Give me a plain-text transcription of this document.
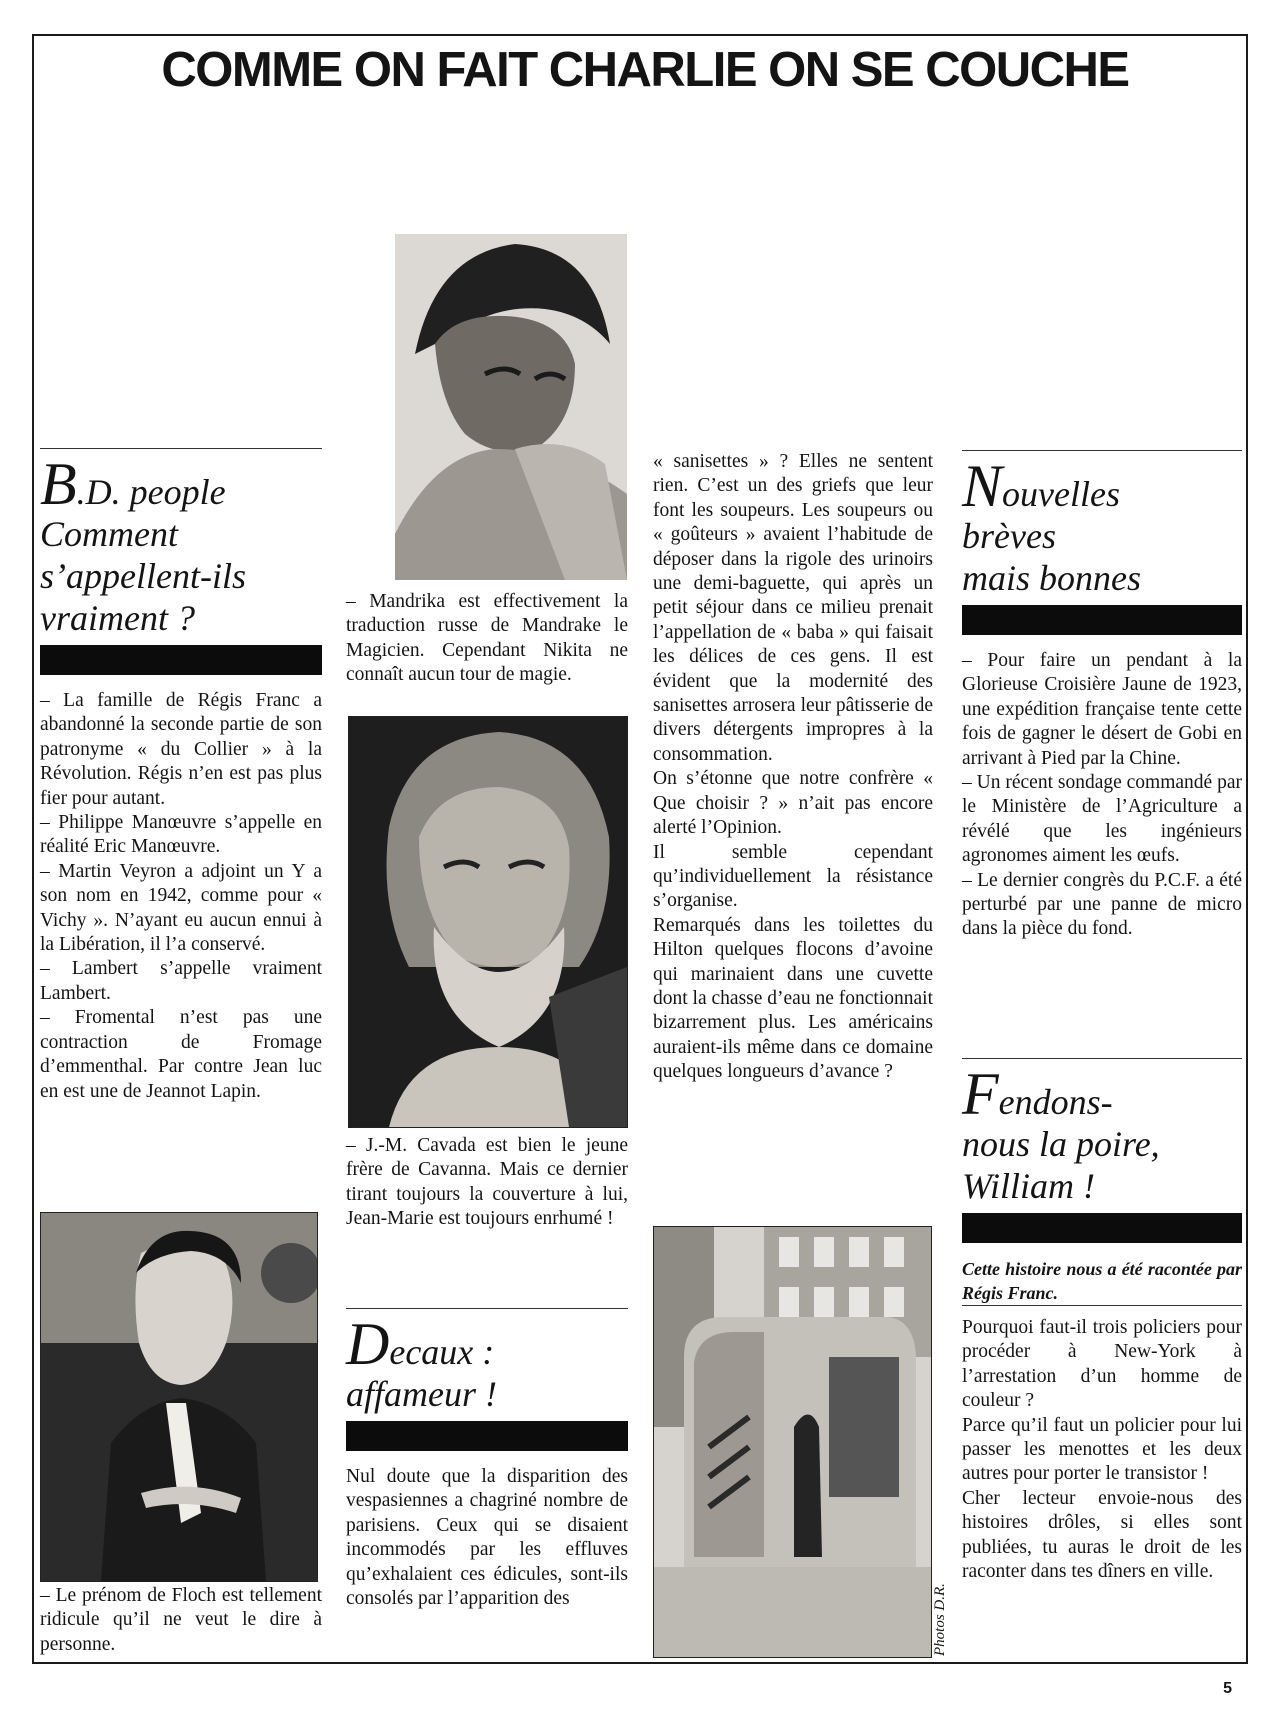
COMME ON FAIT CHARLIE ON SE COUCHE
B.D. people
Comment
s’appellent-ils
vraiment ?

– La famille de Régis Franc a abandonné la seconde partie de son patronyme « du Collier » à la Révolution. Régis n’en est pas plus fier pour autant.

– Philippe Manœuvre s’appelle en réalité Eric Manœuvre.

– Martin Veyron a adjoint un Y a son nom en 1942, comme pour « Vichy ». N’ayant eu aucun ennui à la Libération, il l’a conservé.

– Lambert s’appelle vraiment Lambert.

– Fromental n’est pas une contraction de Fromage d’emmenthal. Par contre Jean luc en est une de Jeannot Lapin.

– Le prénom de Floch est tellement ridicule qu’il ne veut le dire à personne.

– Mandrika est effectivement la traduction russe de Mandrake le Magicien. Cependant Nikita ne connaît aucun tour de magie.

– J.-M. Cavada est bien le jeune frère de Cavanna. Mais ce dernier tirant toujours la couverture à lui, Jean-Marie est toujours enrhumé !

Decaux :
affameur !

Nul doute que la disparition des vespasiennes a chagriné nombre de parisiens. Ceux qui se disaient incommodés par les effluves qu’exhalaient ces édicules, sont-ils consolés par l’apparition des

« sanisettes » ? Elles ne sentent rien. C’est un des griefs que leur font les soupeurs. Les soupeurs ou « goûteurs » avaient l’habitude de déposer dans la rigole des urinoirs une demi-baguette, qui après un petit séjour dans ce milieu prenait l’appellation de « baba » qui faisait les délices de ces gens. Il est évident que la modernité des sanisettes arrosera leur pâtisserie de divers détergents impropres à la consommation.

On s’étonne que notre confrère « Que choisir ? » n’ait pas encore alerté l’Opinion.

Il semble cependant qu’individuellement la résistance s’organise.

Remarqués dans les toilettes du Hilton quelques flocons d’avoine qui marinaient dans une cuvette dont la chasse d’eau ne fonctionnait bizarrement plus. Les américains auraient-ils même dans ce domaine quelques longueurs d’avance ?

Photos D.R.
Nouvelles
brèves
mais bonnes

– Pour faire un pendant à la Glorieuse Croisière Jaune de 1923, une expédition française tente cette fois de gagner le désert de Gobi en arrivant à Pied par la Chine.

– Un récent sondage commandé par le Ministère de l’Agriculture a révélé que les ingénieurs agronomes aiment les œufs.

– Le dernier congrès du P.C.F. a été perturbé par une panne de micro dans la pièce du fond.

Fendons-
nous la poire,
William !

Cette histoire nous a été racontée par Régis Franc.

Pourquoi faut-il trois policiers pour procéder à New-York à l’arrestation d’un homme de couleur ?

Parce qu’il faut un policier pour lui passer les menottes et les deux autres pour porter le transistor !

Cher lecteur envoie-nous des histoires drôles, si elles sont publiées, tu auras le droit de les raconter dans tes dîners en ville.

5
